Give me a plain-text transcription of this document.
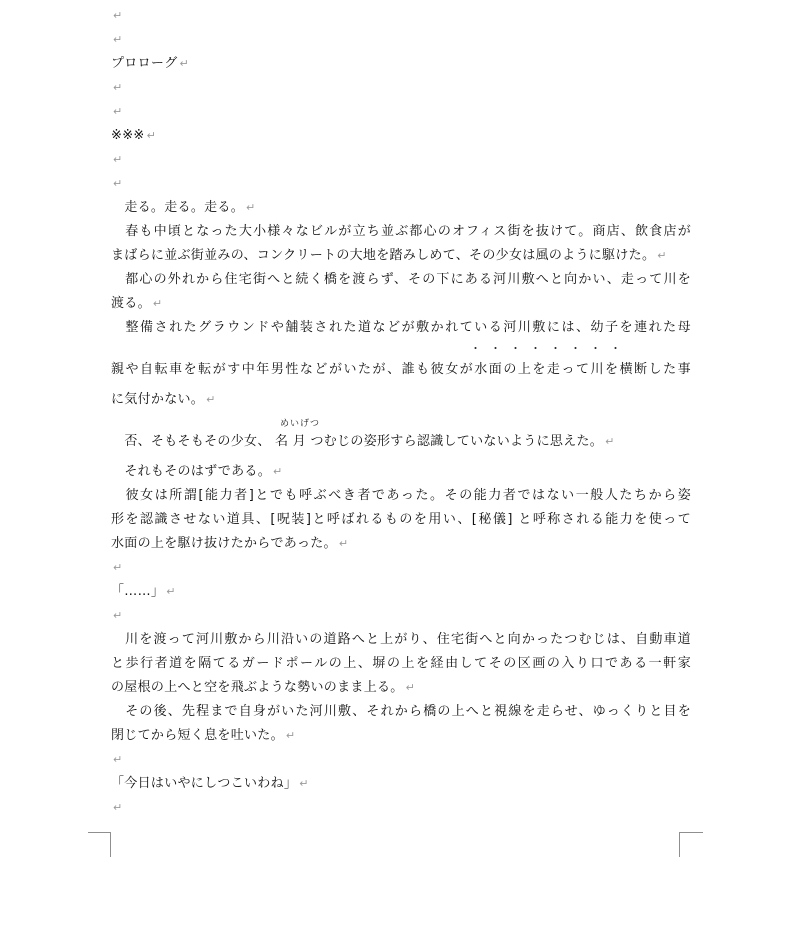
↵
↵
プロローグ ↵
↵
↵
※※※ ↵
↵
↵
　走る。走る。走る。 ↵
　春も中頃となった大小様々なビルが立ち並ぶ都心のオフィス街を抜けて。商店、飲食店が
まばらに並ぶ街並みの、コンクリートの大地を踏みしめて、その少女は風のように駆けた。 ↵
　都心の外れから住宅街へと続く橋を渡らず、その下にある河川敷へと向かい、走って川を
渡る。 ↵
　整備されたグラウンドや舗装された道などが敷かれている河川敷には、幼子を連れた母
・・・・・・・・
親や自転車を転がす中年男性などがいたが、誰も彼女が水面の上を走って川を横断した事
に気付かない。 ↵
めいげつ
　否、そもそもその少女、 名 月 つむじの姿形すら認識していないように思えた。 ↵
　それもそのはずである。 ↵
　彼女は所謂[能力者]とでも呼ぶべき者であった。その能力者ではない一般人たちから姿
形を認識させない道具、[呪装]と呼ばれるものを用い、[秘儀] と呼称される能力を使って
水面の上を駆け抜けたからであった。 ↵
↵
「……」 ↵
↵
　川を渡って河川敷から川沿いの道路へと上がり、住宅街へと向かったつむじは、自動車道
と歩行者道を隔てるガードポールの上、塀の上を経由してその区画の入り口である一軒家
の屋根の上へと空を飛ぶような勢いのまま上る。 ↵
　その後、先程まで自身がいた河川敷、それから橋の上へと視線を走らせ、ゆっくりと目を
閉じてから短く息を吐いた。 ↵
↵
「今日はいやにしつこいわね」 ↵
↵
